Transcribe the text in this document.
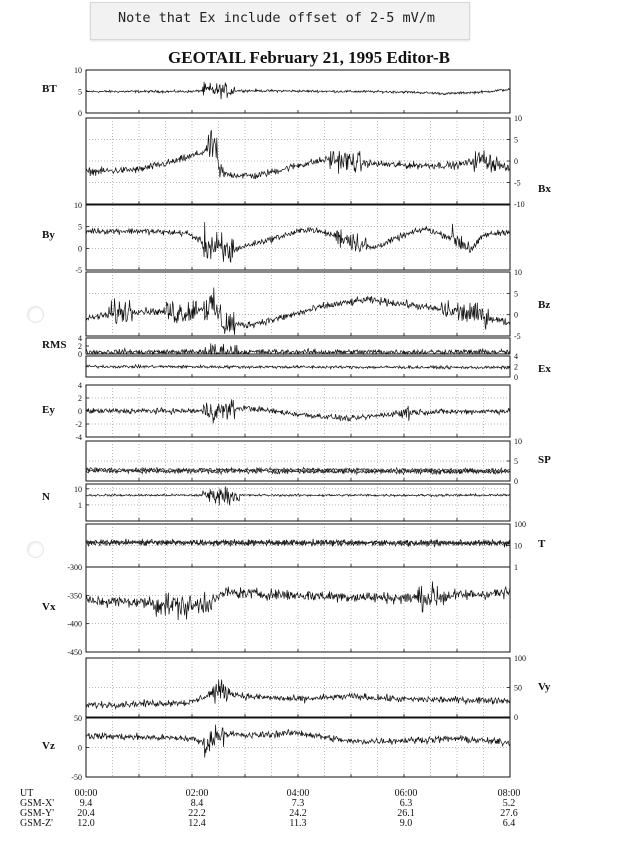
Note that Ex include offset of 2-5 mV/m
GEOTAIL February 21, 1995 Editor-B
10
5
0
BT
10
5
0
-5
-10
Bx
10
5
0
-5
By
10
5
0
-5
Bz
4
2
0
RMS
4
2
0
Ex
4
2
0
-2
-4
Ey
10
5
0
SP
10
1
N
100
10
1
T
-300
-350
-400
-450
Vx
100
50
0
Vy
50
0
-50
Vz
UT
GSM-X'
GSM-Y'
GSM-Z'
00:00
9.4
20.4
12.0
02:00
8.4
22.2
12.4
04:00
7.3
24.2
11.3
06:00
6.3
26.1
9.0
08:00
5.2
27.6
6.4
